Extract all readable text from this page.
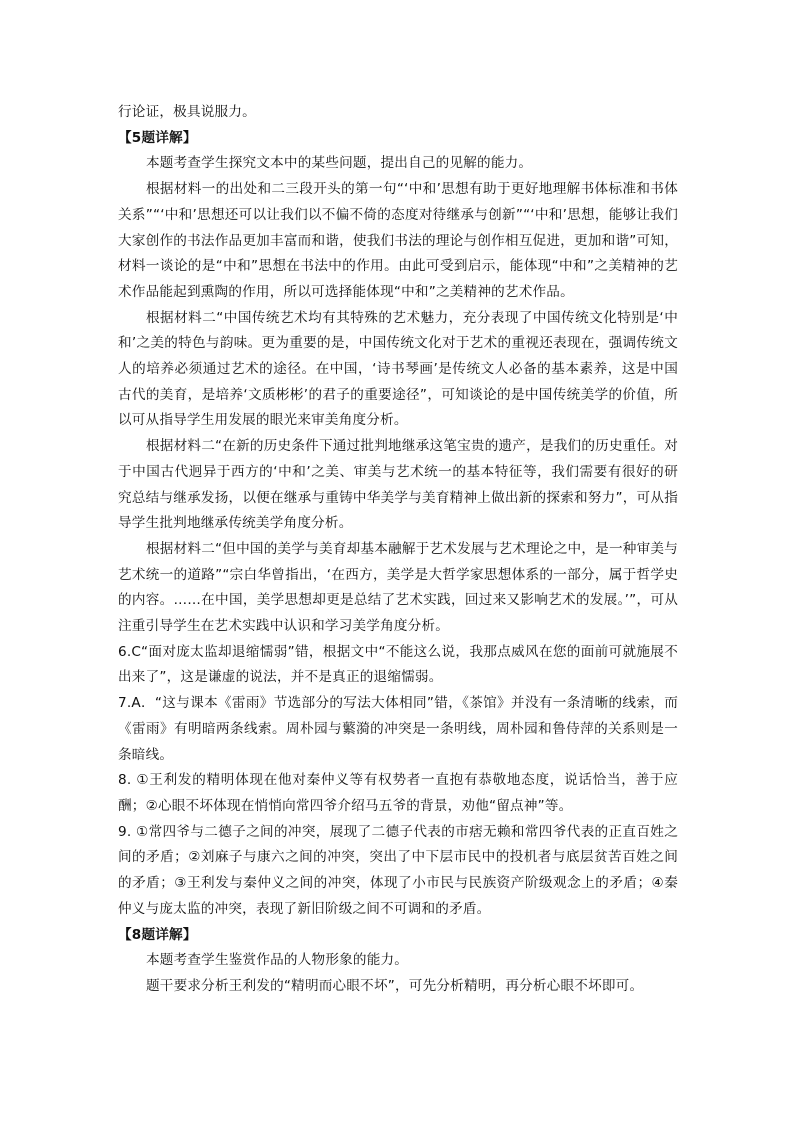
行论证，极具说服力。

【5题详解】

本题考查学生探究文本中的某些问题，提出自己的见解的能力。

根据材料一的出处和二三段开头的第一句“‘中和’思想有助于更好地理解书体标准和书体关系”“‘中和’思想还可以让我们以不偏不倚的态度对待继承与创新”“‘中和’思想，能够让我们大家创作的书法作品更加丰富而和谐，使我们书法的理论与创作相互促进，更加和谐”可知，材料一谈论的是“中和”思想在书法中的作用。由此可受到启示，能体现“中和”之美精神的艺术作品能起到熏陶的作用，所以可选择能体现“中和”之美精神的艺术作品。

根据材料二“中国传统艺术均有其特殊的艺术魅力，充分表现了中国传统文化特别是‘中和’之美的特色与韵味。更为重要的是，中国传统文化对于艺术的重视还表现在，强调传统文人的培养必须通过艺术的途径。在中国，‘诗书琴画’是传统文人必备的基本素养，这是中国古代的美育，是培养‘文质彬彬’的君子的重要途径”，可知谈论的是中国传统美学的价值，所以可从指导学生用发展的眼光来审美角度分析。

根据材料二“在新的历史条件下通过批判地继承这笔宝贵的遗产，是我们的历史重任。对于中国古代迥异于西方的‘中和’之美、审美与艺术统一的基本特征等，我们需要有很好的研究总结与继承发扬，以便在继承与重铸中华美学与美育精神上做出新的探索和努力”，可从指导学生批判地继承传统美学角度分析。

根据材料二“但中国的美学与美育却基本融解于艺术发展与艺术理论之中，是一种审美与艺术统一的道路”“宗白华曾指出，‘在西方，美学是大哲学家思想体系的一部分，属于哲学史的内容。……在中国，美学思想却更是总结了艺术实践，回过来又影响艺术的发展。’”，可从注重引导学生在艺术实践中认识和学习美学角度分析。

6.C“面对庞太监却退缩懦弱”错，根据文中“不能这么说，我那点威风在您的面前可就施展不出来了”，这是谦虚的说法，并不是真正的退缩懦弱。

7.A．“这与课本《雷雨》节选部分的写法大体相同”错，《茶馆》并没有一条清晰的线索，而《雷雨》有明暗两条线索。周朴园与蘩漪的冲突是一条明线，周朴园和鲁侍萍的关系则是一条暗线。

8. ①王利发的精明体现在他对秦仲义等有权势者一直抱有恭敬地态度，说话恰当，善于应酬；②心眼不坏体现在悄悄向常四爷介绍马五爷的背景，劝他“留点神”等。

9. ①常四爷与二德子之间的冲突，展现了二德子代表的市痞无赖和常四爷代表的正直百姓之间的矛盾；②刘麻子与康六之间的冲突，突出了中下层市民中的投机者与底层贫苦百姓之间的矛盾；③王利发与秦仲义之间的冲突，体现了小市民与民族资产阶级观念上的矛盾；④秦仲义与庞太监的冲突，表现了新旧阶级之间不可调和的矛盾。

【8题详解】

本题考查学生鉴赏作品的人物形象的能力。

题干要求分析王利发的“精明而心眼不坏”，可先分析精明，再分析心眼不坏即可。
